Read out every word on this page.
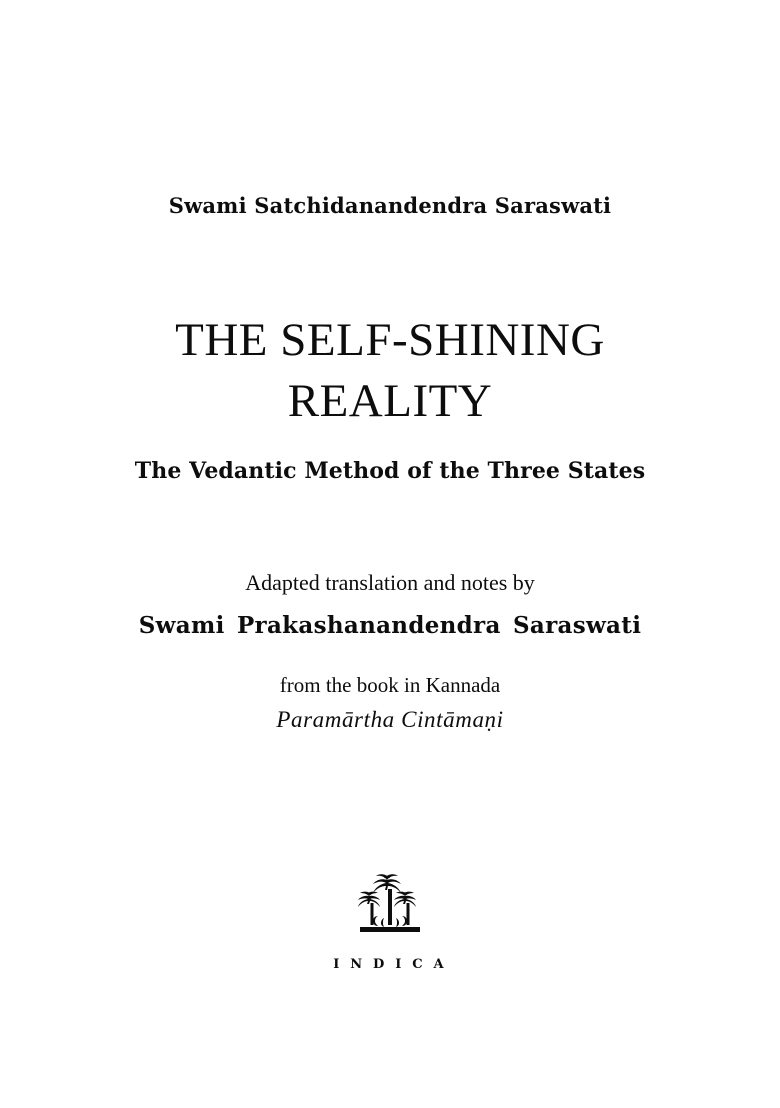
Swami Satchidanandendra Saraswati
THE SELF-SHINING
REALITY
The Vedantic Method of the Three States
Adapted translation and notes by
Swami Prakashanandendra Saraswati
from the book in Kannada
Paramārtha Cintāmaṇi
I N D I C A
